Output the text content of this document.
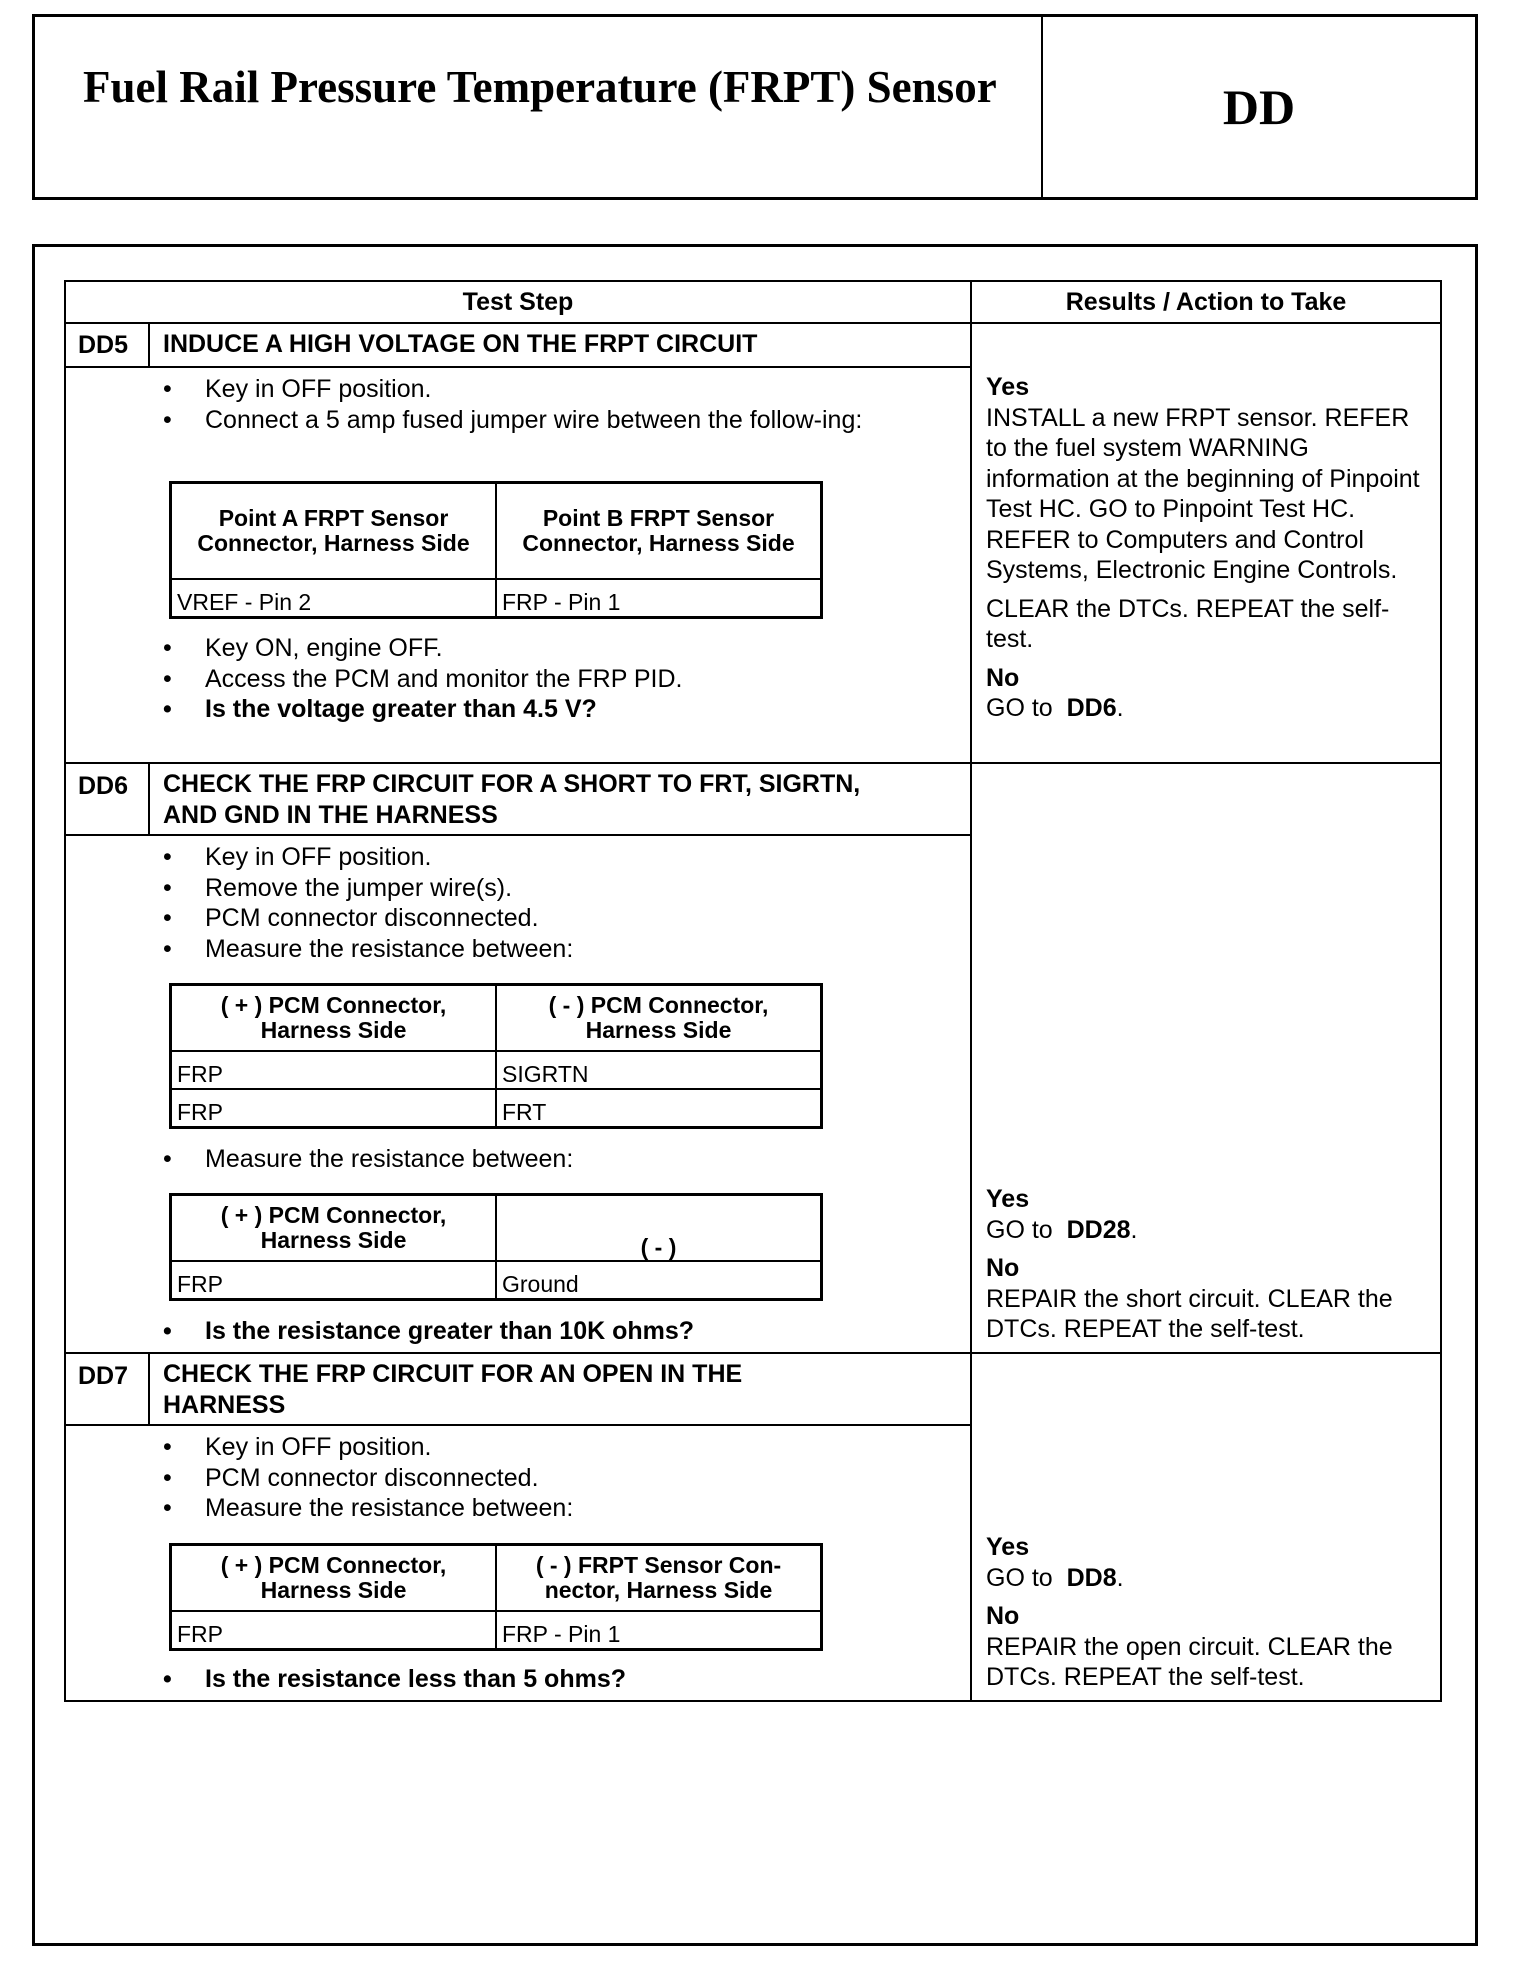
Fuel Rail Pressure Temperature (FRPT) Sensor	DD
Test Step	Results / Action to Take
DD5 INDUCE A HIGH VOLTAGE ON THE FRPT CIRCUIT
• Key in OFF position.
• Connect a 5 amp fused jumper wire between the follow-ing:
Point A FRPT Sensor Connector, Harness Side	Point B FRPT Sensor Connector, Harness Side
VREF - Pin 2	FRP - Pin 1
• Key ON, engine OFF.
• Access the PCM and monitor the FRP PID.
• Is the voltage greater than 4.5 V?
Yes
INSTALL a new FRPT sensor. REFER to the fuel system WARNING information at the beginning of Pinpoint Test HC. GO to Pinpoint Test HC. REFER to Computers and Control Systems, Electronic Engine Controls.
CLEAR the DTCs. REPEAT the self-test.
No
GO to DD6.
DD6 CHECK THE FRP CIRCUIT FOR A SHORT TO FRT, SIGRTN, AND GND IN THE HARNESS
• Key in OFF position.
• Remove the jumper wire(s).
• PCM connector disconnected.
• Measure the resistance between:
( + ) PCM Connector, Harness Side	( - ) PCM Connector, Harness Side
FRP	SIGRTN
FRP	FRT
• Measure the resistance between:
( + ) PCM Connector, Harness Side	( - )
FRP	Ground
• Is the resistance greater than 10K ohms?
Yes
GO to DD28.
No
REPAIR the short circuit. CLEAR the DTCs. REPEAT the self-test.
DD7 CHECK THE FRP CIRCUIT FOR AN OPEN IN THE HARNESS
• Key in OFF position.
• PCM connector disconnected.
• Measure the resistance between:
( + ) PCM Connector, Harness Side	( - ) FRPT Sensor Con-nector, Harness Side
FRP	FRP - Pin 1
• Is the resistance less than 5 ohms?
Yes
GO to DD8.
No
REPAIR the open circuit. CLEAR the DTCs. REPEAT the self-test.
